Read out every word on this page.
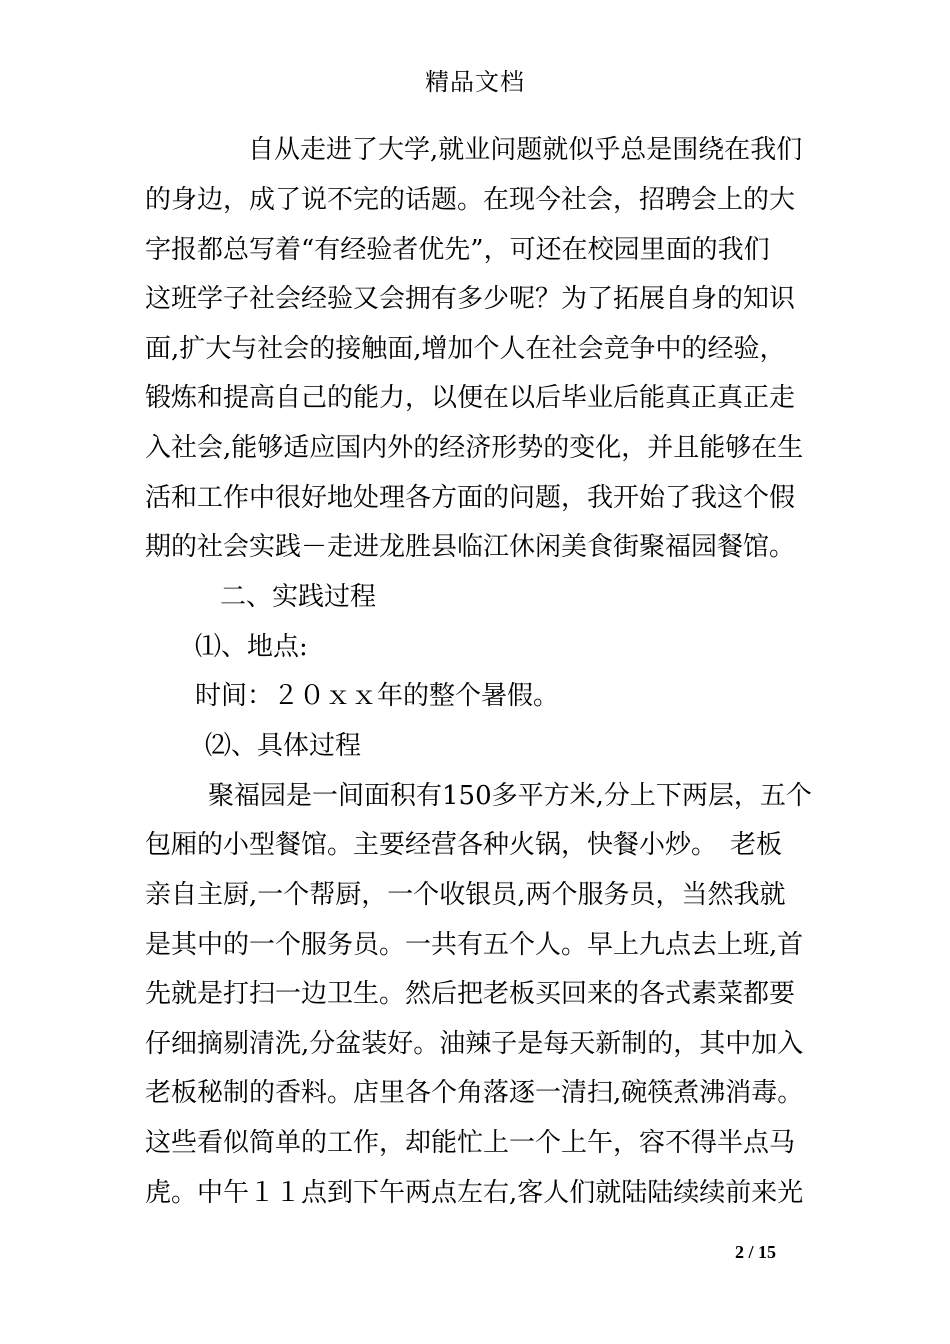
精品文档
自从走进了大学,就业问题就似乎总是围绕在我们
的身边，成了说不完的话题。在现今社会，招聘会上的大
字报都总写着“有经验者优先”，可还在校园里面的我们
这班学子社会经验又会拥有多少呢？为了拓展自身的知识
面,扩大与社会的接触面,增加个人在社会竞争中的经验，
锻炼和提高自己的能力，以便在以后毕业后能真正真正走
入社会,能够适应国内外的经济形势的变化，并且能够在生
活和工作中很好地处理各方面的问题，我开始了我这个假
期的社会实践－走进龙胜县临江休闲美食街聚福园餐馆。
二、实践过程
⑴、地点:
时间：２０ｘｘ年的整个暑假。
⑵、具体过程
聚福园是一间面积有150多平方米,分上下两层，五个
包厢的小型餐馆。主要经营各种火锅，快餐小炒。　老板
亲自主厨,一个帮厨，一个收银员,两个服务员，当然我就
是其中的一个服务员。一共有五个人。早上九点去上班,首
先就是打扫一边卫生。然后把老板买回来的各式素菜都要
仔细摘剔清洗,分盆装好。油辣子是每天新制的，其中加入
老板秘制的香料。店里各个角落逐一清扫,碗筷煮沸消毒。
这些看似简单的工作，却能忙上一个上午，容不得半点马
虎。中午１１点到下午两点左右,客人们就陆陆续续前来光
2 / 15
